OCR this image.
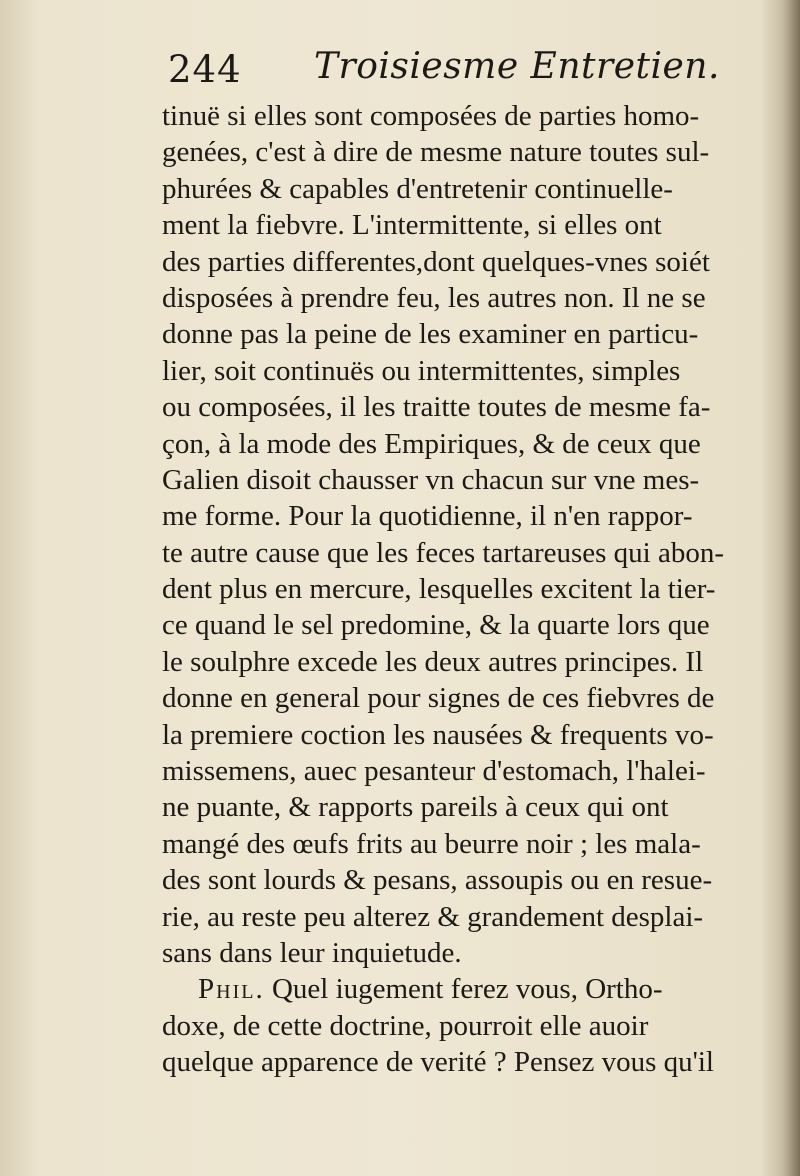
244 Troisiesme Entretien.
tinuë si elles sont composées de parties homo-
genées, c'est à dire de mesme nature toutes sul-
phurées & capables d'entretenir continuelle-
ment la fiebvre. L'intermittente, si elles ont
des parties differentes,dont quelques-vnes soiét
disposées à prendre feu, les autres non. Il ne se
donne pas la peine de les examiner en particu-
lier, soit continuës ou intermittentes, simples
ou composées, il les traitte toutes de mesme fa-
çon, à la mode des Empiriques, & de ceux que
Galien disoit chausser vn chacun sur vne mes-
me forme. Pour la quotidienne, il n'en rappor-
te autre cause que les feces tartareuses qui abon-
dent plus en mercure, lesquelles excitent la tier-
ce quand le sel predomine, & la quarte lors que
le soulphre excede les deux autres principes. Il
donne en general pour signes de ces fiebvres de
la premiere coction les nausées & frequents vo-
missemens, auec pesanteur d'estomach, l'halei-
ne puante, & rapports pareils à ceux qui ont
mangé des œufs frits au beurre noir ; les mala-
des sont lourds & pesans, assoupis ou en resue-
rie, au reste peu alterez & grandement desplai-
sans dans leur inquietude.
Phil. Quel iugement ferez vous, Ortho-
doxe, de cette doctrine, pourroit elle auoir
quelque apparence de verité ? Pensez vous qu'il
